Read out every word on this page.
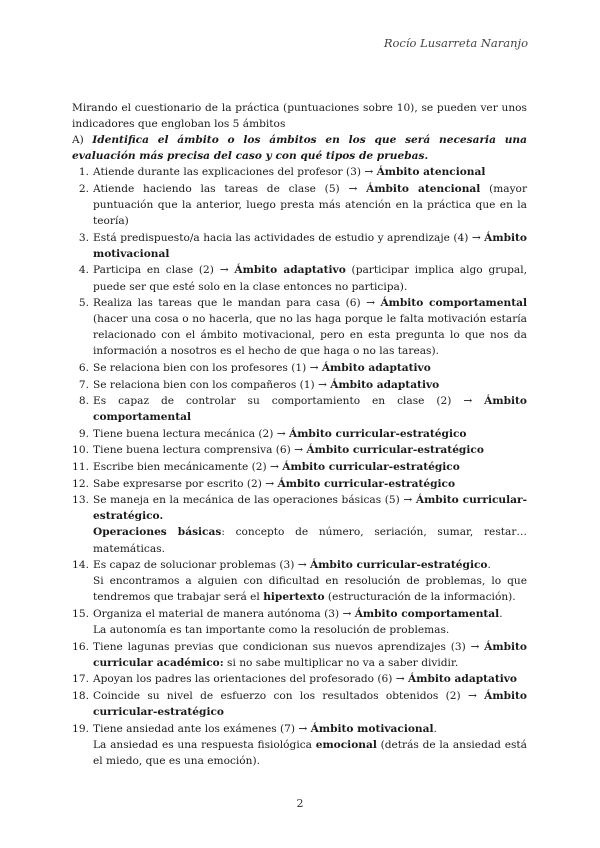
Rocío Lusarreta Naranjo

Mirando el cuestionario de la práctica (puntuaciones sobre 10), se pueden ver unos indicadores que engloban los 5 ámbitos

A) Identifica el ámbito o los ámbitos en los que será necesaria una evaluación más precisa del caso y con qué tipos de pruebas.

1. Atiende durante las explicaciones del profesor (3) → Ámbito atencional
2. Atiende haciendo las tareas de clase (5) → Ámbito atencional (mayor puntuación que la anterior, luego presta más atención en la práctica que en la teoría)
3. Está predispuesto/a hacia las actividades de estudio y aprendizaje (4) → Ámbito motivacional
4. Participa en clase (2) → Ámbito adaptativo (participar implica algo grupal, puede ser que esté solo en la clase entonces no participa).
5. Realiza las tareas que le mandan para casa (6) → Ámbito comportamental (hacer una cosa o no hacerla, que no las haga porque le falta motivación estaría relacionado con el ámbito motivacional, pero en esta pregunta lo que nos da información a nosotros es el hecho de que haga o no las tareas).
6. Se relaciona bien con los profesores (1) → Ámbito adaptativo
7. Se relaciona bien con los compañeros (1) → Ámbito adaptativo
8. Es capaz de controlar su comportamiento en clase (2) → Ámbito comportamental
9. Tiene buena lectura mecánica (2) → Ámbito curricular-estratégico
10. Tiene buena lectura comprensiva (6) → Ámbito curricular-estratégico
11. Escribe bien mecánicamente (2) → Ámbito curricular-estratégico
12. Sabe expresarse por escrito (2) → Ámbito curricular-estratégico
13. Se maneja en la mecánica de las operaciones básicas (5) → Ámbito curricular-estratégico.
Operaciones básicas: concepto de número, seriación, sumar, restar… matemáticas.
14. Es capaz de solucionar problemas (3) → Ámbito curricular-estratégico.
Si encontramos a alguien con dificultad en resolución de problemas, lo que tendremos que trabajar será el hipertexto (estructuración de la información).
15. Organiza el material de manera autónoma (3) → Ámbito comportamental.
La autonomía es tan importante como la resolución de problemas.
16. Tiene lagunas previas que condicionan sus nuevos aprendizajes (3) → Ámbito curricular académico: si no sabe multiplicar no va a saber dividir.
17. Apoyan los padres las orientaciones del profesorado (6) → Ámbito adaptativo
18. Coincide su nivel de esfuerzo con los resultados obtenidos (2) → Ámbito curricular-estratégico
19. Tiene ansiedad ante los exámenes (7) → Ámbito motivacional.
La ansiedad es una respuesta fisiológica emocional (detrás de la ansiedad está el miedo, que es una emoción).
2
